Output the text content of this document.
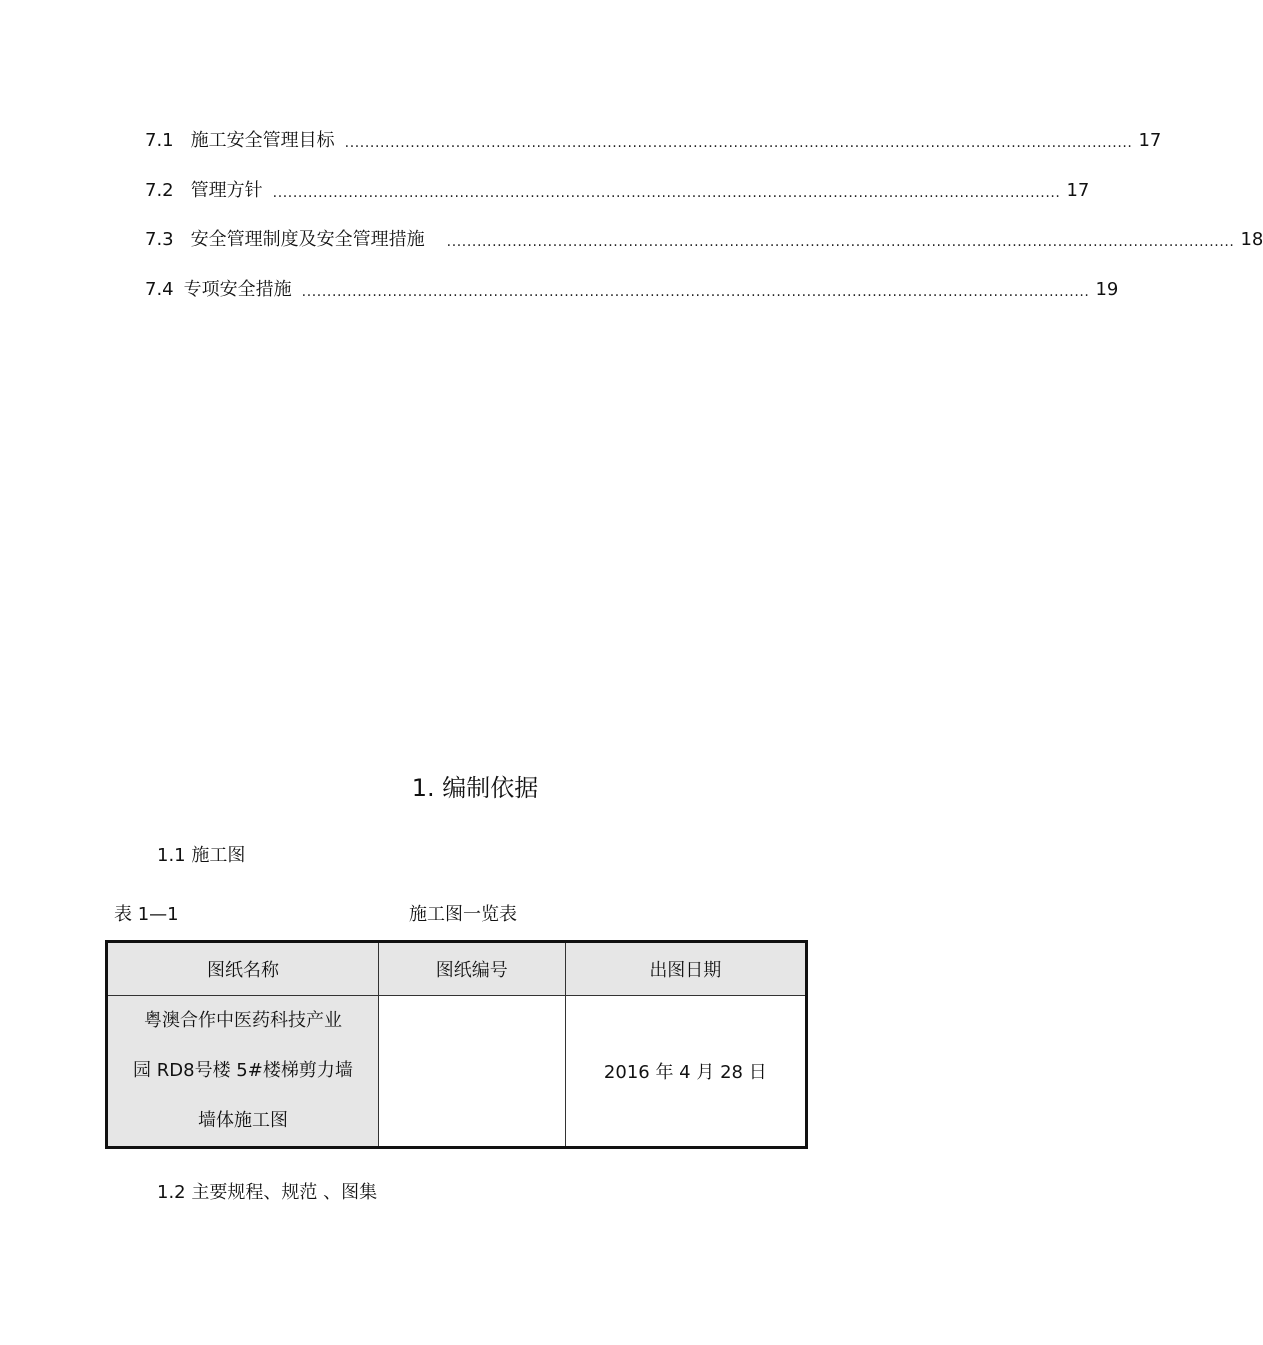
7.1 施工安全管理目标 ............................................................................................................................................................ 17
7.2 管理方针 ............................................................................................................................................................ 17
7.3 安全管理制度及安全管理措施 ............................................................................................................................................................ 18
7.4 专项安全措施 ............................................................................................................................................................ 19
1. 编制依据
1.1 施工图
表 1—1	施工图一览表
图纸名称	图纸编号	出图日期

粤澳合作中医药科技产业
园 RD8号楼 5#楼梯剪力墙
墙体施工图		2016 年 4 月 28 日
1.2 主要规程、规范 、图集
